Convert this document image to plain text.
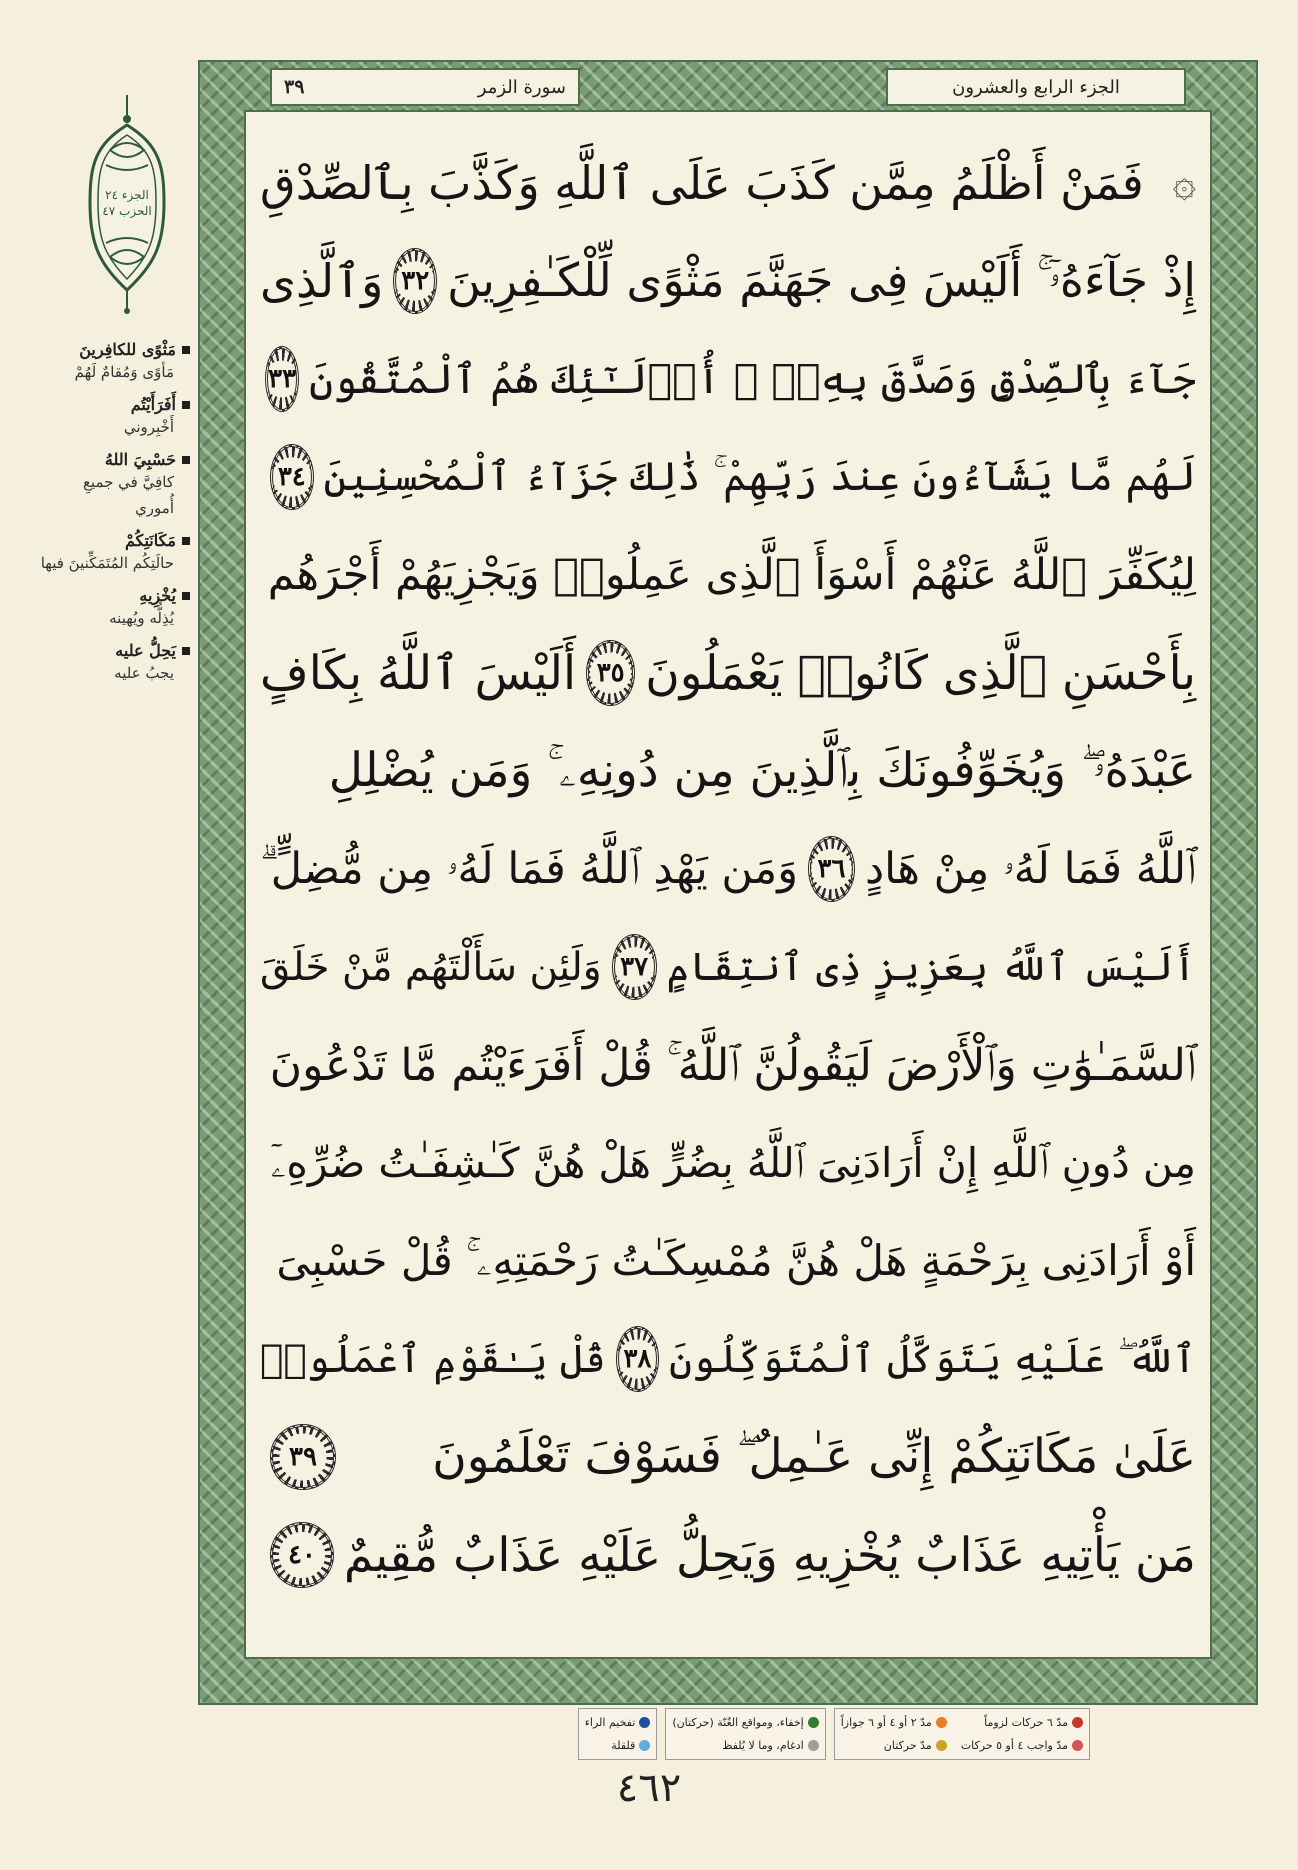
الجزء ٢٤
الحزب ٤٧
مَثْوًى للكافِرينَ
مَأوًى وَمُقامٌ لَهُمْ
أَفَرَأَيْتُم
أَخْبِروني
حَسْبِيَ اللهُ
كافِيَّ في جميعِ أُموري
مَكَانَتِكُمْ
حالَتِكُم المُتَمَكِّنينَ فيها
يُخْزِيهِ
يُذِلُّه ويُهينه
يَحِلُّ عليه
يجبُ عليه
الجزء الرابع والعشرون
سورة الزمر
٣٩
۞
فَمَنْ أَظْلَمُ مِمَّن كَذَبَ عَلَى ٱللَّهِ وَكَذَّبَ بِٱلصِّدْقِ
إِذْ جَآءَهُۥٓ ۚ أَلَيْسَ فِى جَهَنَّمَ مَثْوًى لِّلْكَـٰفِرِينَ
٣٢
وَٱلَّذِى
جَآءَ بِٱلصِّدْقِ وَصَدَّقَ بِهِۦٓ ۙ أُو۟لَـٰٓئِكَ هُمُ ٱلْمُتَّقُونَ
٣٣
لَهُم مَّا يَشَآءُونَ عِندَ رَبِّهِمْ ۚ ذَٰلِكَ جَزَآءُ ٱلْمُحْسِنِينَ
٣٤
لِيُكَفِّرَ ٱللَّهُ عَنْهُمْ أَسْوَأَ ٱلَّذِى عَمِلُوا۟ وَيَجْزِيَهُمْ أَجْرَهُم
بِأَحْسَنِ ٱلَّذِى كَانُوا۟ يَعْمَلُونَ
٣٥
أَلَيْسَ ٱللَّهُ بِكَافٍ
عَبْدَهُۥ ۖ وَيُخَوِّفُونَكَ بِٱلَّذِينَ مِن دُونِهِۦ ۚ وَمَن يُضْلِلِ
ٱللَّهُ فَمَا لَهُۥ مِنْ هَادٍ
٣٦
وَمَن يَهْدِ ٱللَّهُ فَمَا لَهُۥ مِن مُّضِلٍّ ۗ
أَلَيْسَ ٱللَّهُ بِعَزِيزٍ ذِى ٱنتِقَامٍ
٣٧
وَلَئِن سَأَلْتَهُم مَّنْ خَلَقَ
ٱلسَّمَـٰوَٰتِ وَٱلْأَرْضَ لَيَقُولُنَّ ٱللَّهُ ۚ قُلْ أَفَرَءَيْتُم مَّا تَدْعُونَ
مِن دُونِ ٱللَّهِ إِنْ أَرَادَنِىَ ٱللَّهُ بِضُرٍّ هَلْ هُنَّ كَـٰشِفَـٰتُ ضُرِّهِۦٓ
أَوْ أَرَادَنِى بِرَحْمَةٍ هَلْ هُنَّ مُمْسِكَـٰتُ رَحْمَتِهِۦ ۚ قُلْ حَسْبِىَ
ٱللَّهُ ۖ عَلَيْهِ يَتَوَكَّلُ ٱلْمُتَوَكِّلُونَ
٣٨
قُلْ يَـٰقَوْمِ ٱعْمَلُوا۟
عَلَىٰ مَكَانَتِكُمْ إِنِّى عَـٰمِلٌ ۖ فَسَوْفَ تَعْلَمُونَ
٣٩
مَن يَأْتِيهِ عَذَابٌ يُخْزِيهِ وَيَحِلُّ عَلَيْهِ عَذَابٌ مُّقِيمٌ
٤٠
مدّ ٦ حركات لزوماً
مدّ ٢ أو ٤ أو ٦ جوازاً
مدّ واجب ٤ أو ٥ حركات
مدّ حركتان
إخفاء، ومواقع الغُنّة (حركتان)
ادغام، وما لا يُلفظ
تفخيم الراء
قلقلة
٤٦٢
